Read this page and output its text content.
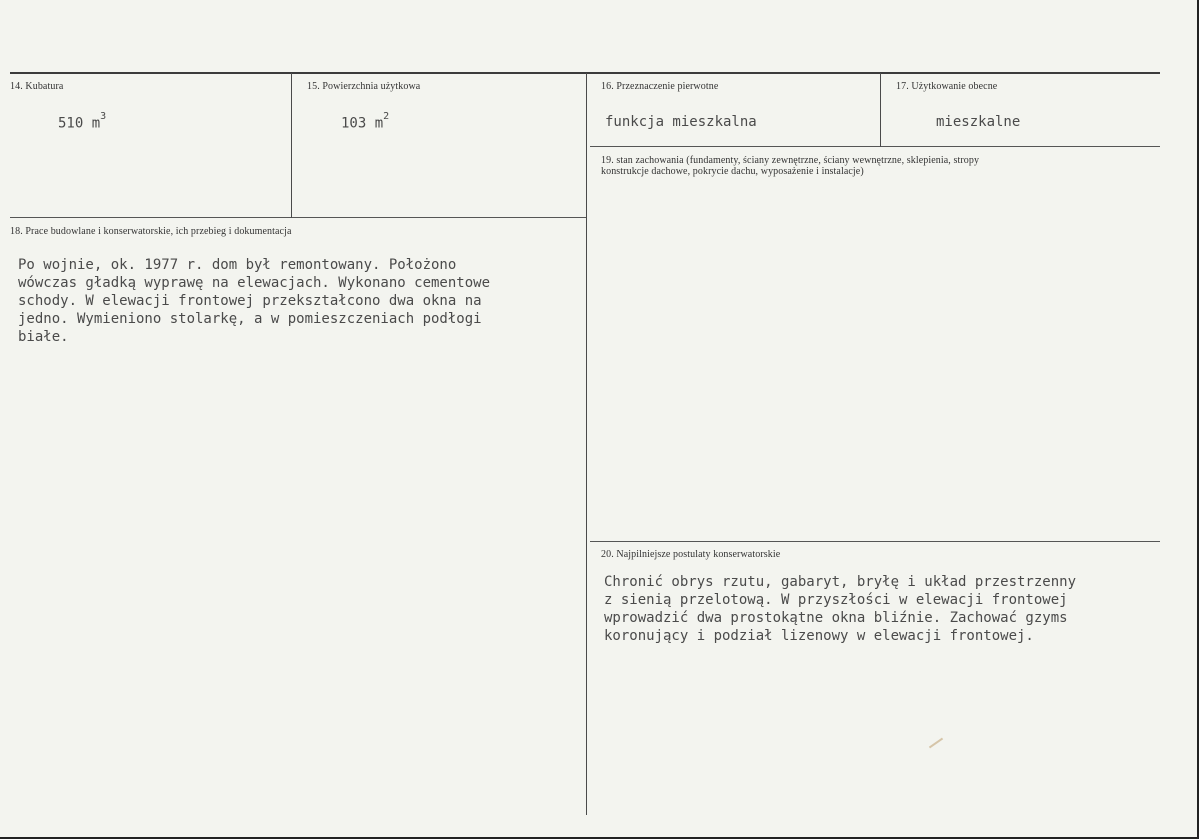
14. Kubatura
510 $m^3$
15. Powierzchnia użytkowa
103 $m^2$
16. Przeznaczenie pierwotne
funkcja mieszkalna
17. Użytkowanie obecne
mieszkalne
18. Prace budowlane i konserwatorskie, ich przebieg i dokumentacja
Po wojnie, ok. 1977 r. dom był remontowany. Położono
wówczas gładką wyprawę na elewacjach. Wykonano cementowe
schody. W elewacji frontowej przekształcono dwa okna na
jedno. Wymieniono stolarkę, a w pomieszczeniach podłogi
białe.
19. stan zachowania (fundamenty, ściany zewnętrzne, ściany wewnętrzne, sklepienia, stropy
konstrukcje dachowe, pokrycie dachu, wyposażenie i instalacje)
20. Najpilniejsze postulaty konserwatorskie
Chronić obrys rzutu, gabaryt, bryłę i układ przestrzenny
z sienią przelotową. W przyszłości w elewacji frontowej
wprowadzić dwa prostokątne okna bliźnie. Zachować gzyms
koronujący i podział lizenowy w elewacji frontowej.
